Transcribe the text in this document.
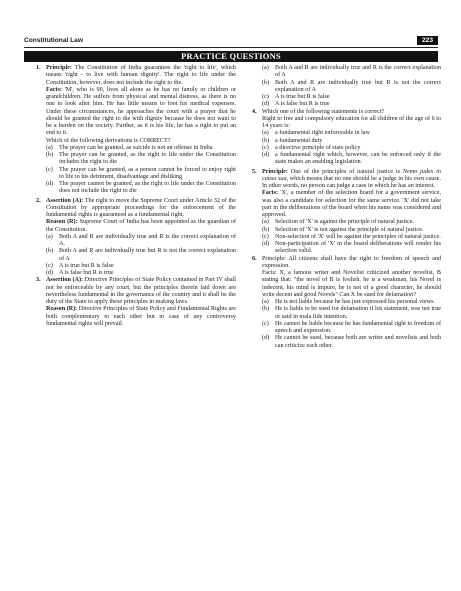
Constitutional Law	223
PRACTICE QUESTIONS
1. Principle: The Constitution of India guarantees the 'right to life', which means 'right - to live with human dignity'. The right to life under the Constitution, however, does not include the right to die.
Facts: 'M', who is 90, lives all alone as he has no family or children or grandchildren. He suffers from physical and mental distress, as there is no one to look after him. He has little means to foot his medical expenses. Under these circumstances, he approaches the court with a prayer that he should be granted the right to die with dignity because he does not want to be a burden on the society. Further, as it is his life, he has a right to put an end to it.
Which of the following derivations is CORRECT?
(a) The prayer can be granted, as suicide is not an offense in India
(b) The prayer can be granted, as the right to life under the Constitution includes the right to die
(c) The prayer can be granted, as a person cannot be forced to enjoy right to life to his detriment, disadvantage and disliking
(d) The prayer cannot be granted, as the right to life under the Constitution does not include the right to die
2. Assertion (A): The right to move the Supreme Court under Article 32 of the Constitution by appropriate proceedings for the enforcement of the fundamental rights is guaranteed as a fundamental right.
Reason (R): Supreme Court of India has been appointed as the guardian of the Constitution.
(a) Both A and R are individually true and R is the correct explanation of A.
(b) Both A and R are individually true but R is not the correct explanation of A
(c) A is true but R is false
(d) A is false but R is true
3. Assertion (A): Directive Principles of State Policy contained in Part IV shall not be enforceable by any court, but the principles therein laid down are nevertheless fundamental in the governance of the country and it shall be the duty of the State to apply these principles in making laws.
Reason (R): Directive Principles of State Policy and Fundamental Rights are both complementary to each other but in case of any controversy fundamental rights will prevail.
(a) Both A and R are individually true and R is the correct explanation of A
(b) Both A and R are individually true but R is not the correct explanation of A
(c) A is true but R is false
(d) A is false but R is true
4. Which one of the following statements is correct?
Right to free and compulsory education for all children of the age of 6 to 14 years is:
(a) a fundamental right enforceable in law
(b) a fundamental duty
(c) a directive principle of state policy
(d) a fundamental right which, however, can be enforced only if the state makes an enabling legislation.
5. Principle: One of the principles of natural justice is Nemo judex in causa sua, which means that no one should be a judge in his own cause. In other words, no person can judge a case in which he has an interest.
Facts: 'X', a member of the selection board for a government service, was also a candidate for selection for the same service. 'X' did not take part in the deliberations of the board when his name was considered and approved.
(a) Selection of 'X' is against the principle of natural justice.
(b) Selection of 'X' is not against the principle of natural justice.
(c) Non-selection of 'X' will be against the principles of natural justice.
(d) Non-participation of 'X' in the board deliberations will render his selection valid.
6. Principle: All citizens shall have the right to freedom of speech and expression.
Facts: X, a famous writer and Novelist criticized another novelist, B stating that: "the novel of B is foolish, he is a weakman, his Novel is indecent, his mind is impure, he is not of a good character, he should write decent and good Novels" Can X be sued for defamation?
(a) He is not liable because he has just expressed his personal views.
(b) He is liable to be sued for defamation if his statement, was not true or said in mala fide intention.
(c) He cannot be liable because he has fundamental right to freedom of speech and expression.
(d) He cannot be sued, because both are writer and novelists and both can criticize each other.
